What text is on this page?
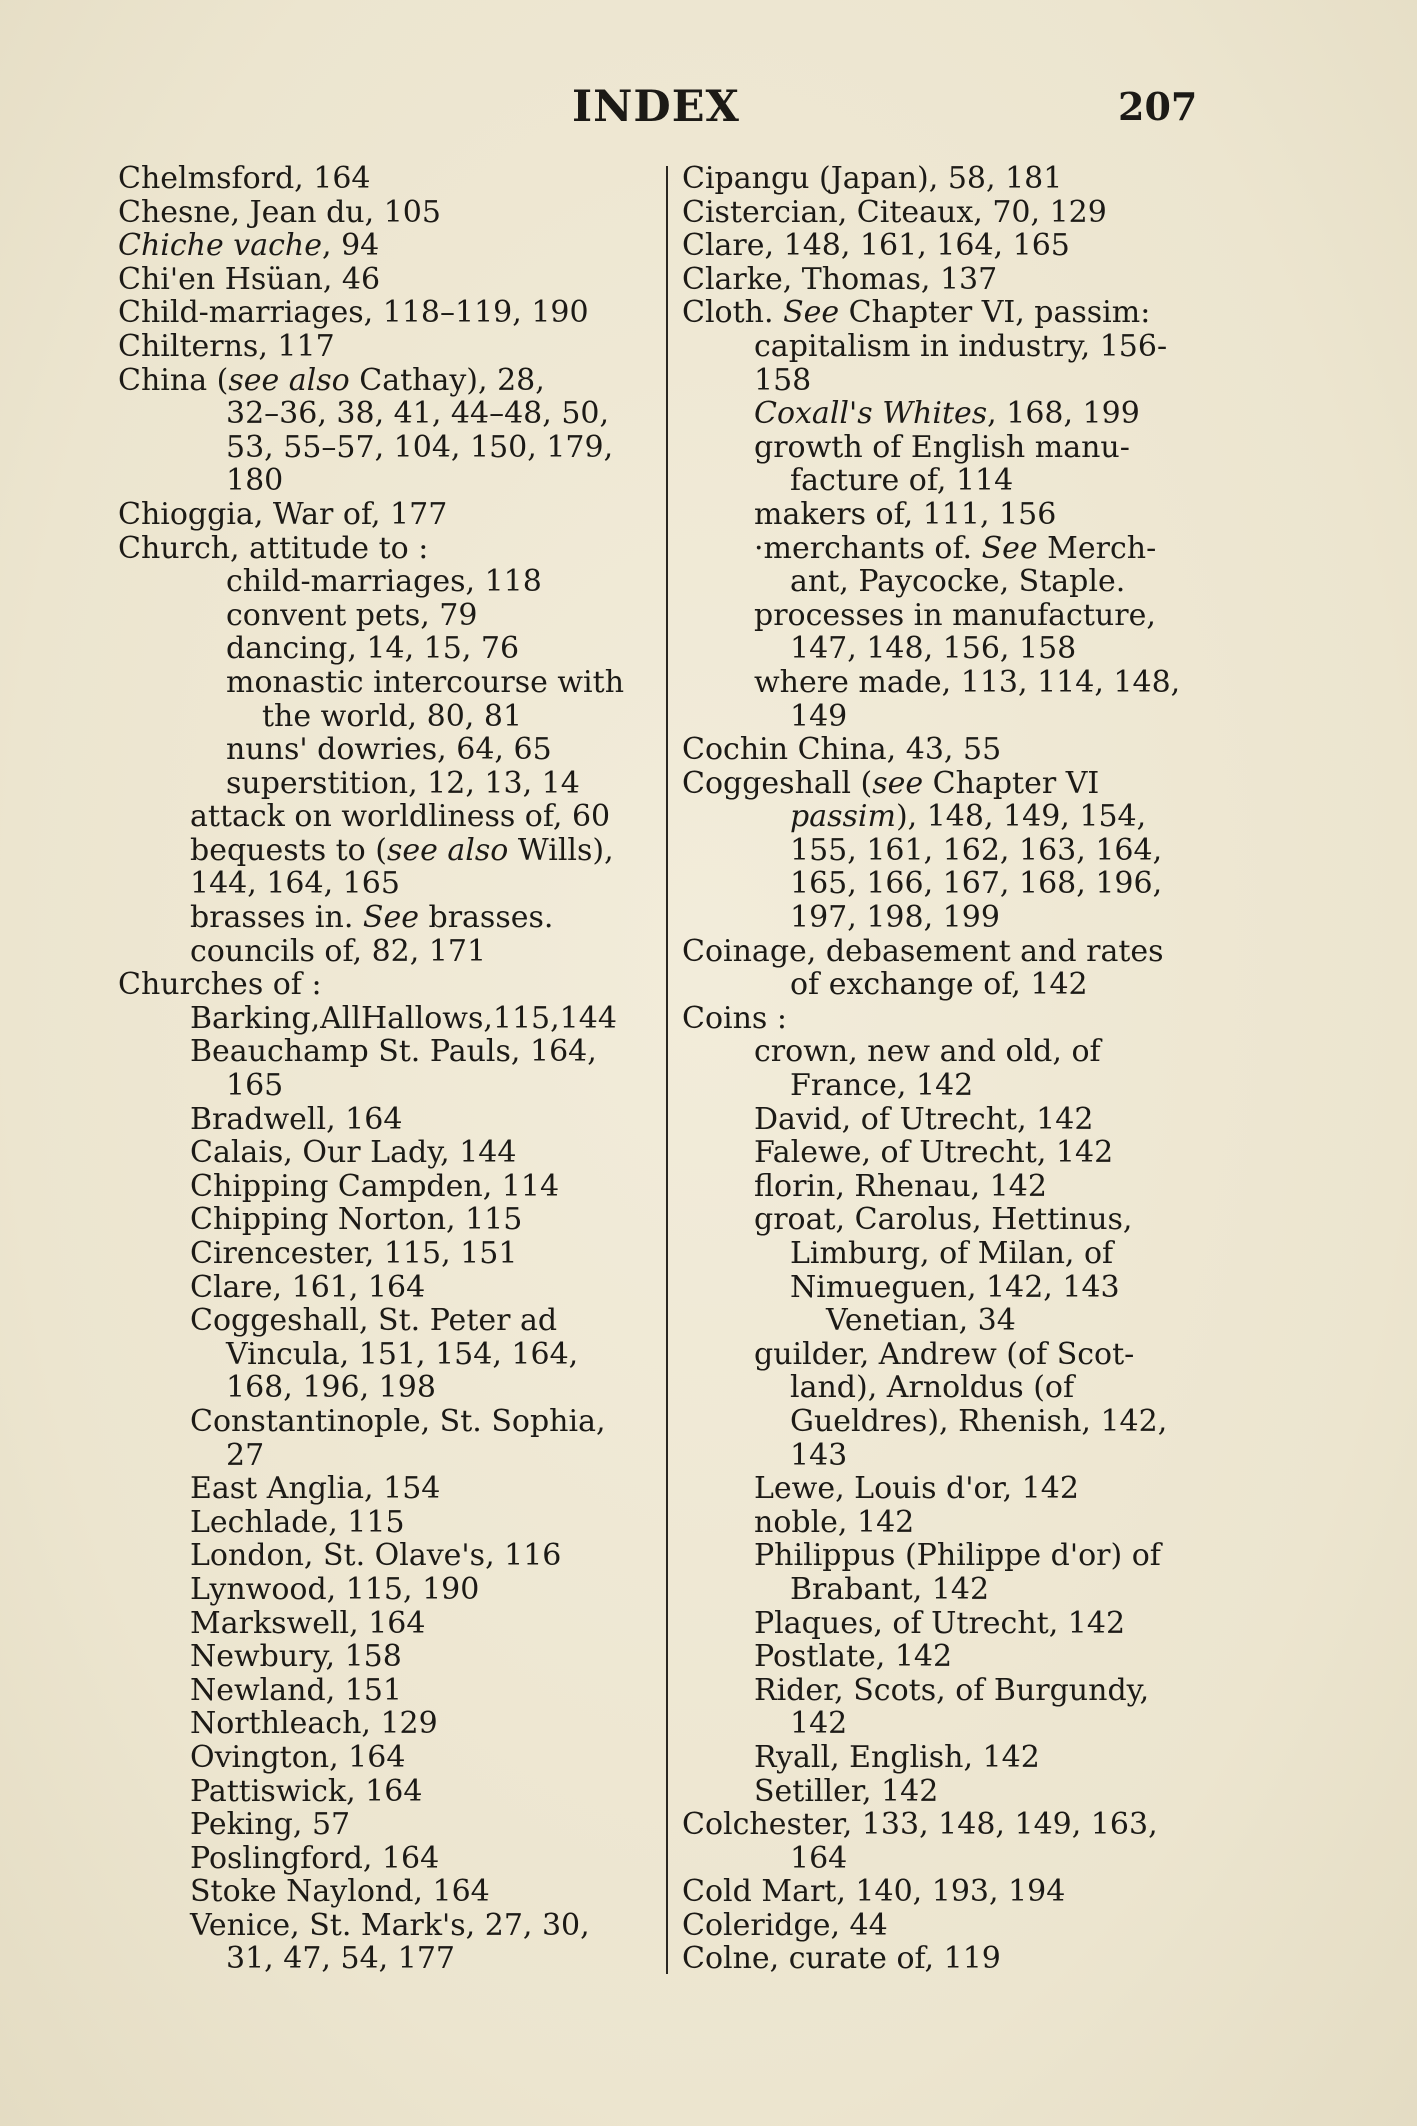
INDEX	207
Chelmsford, 164
Chesne, Jean du, 105
Chiche vache, 94
Chi'en Hsüan, 46
Child-marriages, 118–119, 190
Chilterns, 117
China (see also Cathay), 28,
32–36, 38, 41, 44–48, 50,
53, 55–57, 104, 150, 179,
180
Chioggia, War of, 177
Church, attitude to :
child-marriages, 118
convent pets, 79
dancing, 14, 15, 76
monastic intercourse with
the world, 80, 81
nuns' dowries, 64, 65
superstition, 12, 13, 14
attack on worldliness of, 60
bequests to (see also Wills),
144, 164, 165
brasses in. See brasses.
councils of, 82, 171
Churches of :
Barking,AllHallows,115,144
Beauchamp St. Pauls, 164,
165
Bradwell, 164
Calais, Our Lady, 144
Chipping Campden, 114
Chipping Norton, 115
Cirencester, 115, 151
Clare, 161, 164
Coggeshall, St. Peter ad
Vincula, 151, 154, 164,
168, 196, 198
Constantinople, St. Sophia,
27
East Anglia, 154
Lechlade, 115
London, St. Olave's, 116
Lynwood, 115, 190
Markswell, 164
Newbury, 158
Newland, 151
Northleach, 129
Ovington, 164
Pattiswick, 164
Peking, 57
Poslingford, 164
Stoke Naylond, 164
Venice, St. Mark's, 27, 30,
31, 47, 54, 177
Cipangu (Japan), 58, 181
Cistercian, Citeaux, 70, 129
Clare, 148, 161, 164, 165
Clarke, Thomas, 137
Cloth. See Chapter VI, passim:
capitalism in industry, 156-
158
Coxall's Whites, 168, 199
growth of English manu-
facture of, 114
makers of, 111, 156
·merchants of. See Merch-
ant, Paycocke, Staple.
processes in manufacture,
147, 148, 156, 158
where made, 113, 114, 148,
149
Cochin China, 43, 55
Coggeshall (see Chapter VI
passim), 148, 149, 154,
155, 161, 162, 163, 164,
165, 166, 167, 168, 196,
197, 198, 199
Coinage, debasement and rates
of exchange of, 142
Coins :
crown, new and old, of
France, 142
David, of Utrecht, 142
Falewe, of Utrecht, 142
florin, Rhenau, 142
groat, Carolus, Hettinus,
Limburg, of Milan, of
Nimueguen, 142, 143
Venetian, 34
guilder, Andrew (of Scot-
land), Arnoldus (of
Gueldres), Rhenish, 142,
143
Lewe, Louis d'or, 142
noble, 142
Philippus (Philippe d'or) of
Brabant, 142
Plaques, of Utrecht, 142
Postlate, 142
Rider, Scots, of Burgundy,
142
Ryall, English, 142
Setiller, 142
Colchester, 133, 148, 149, 163,
164
Cold Mart, 140, 193, 194
Coleridge, 44
Colne, curate of, 119
